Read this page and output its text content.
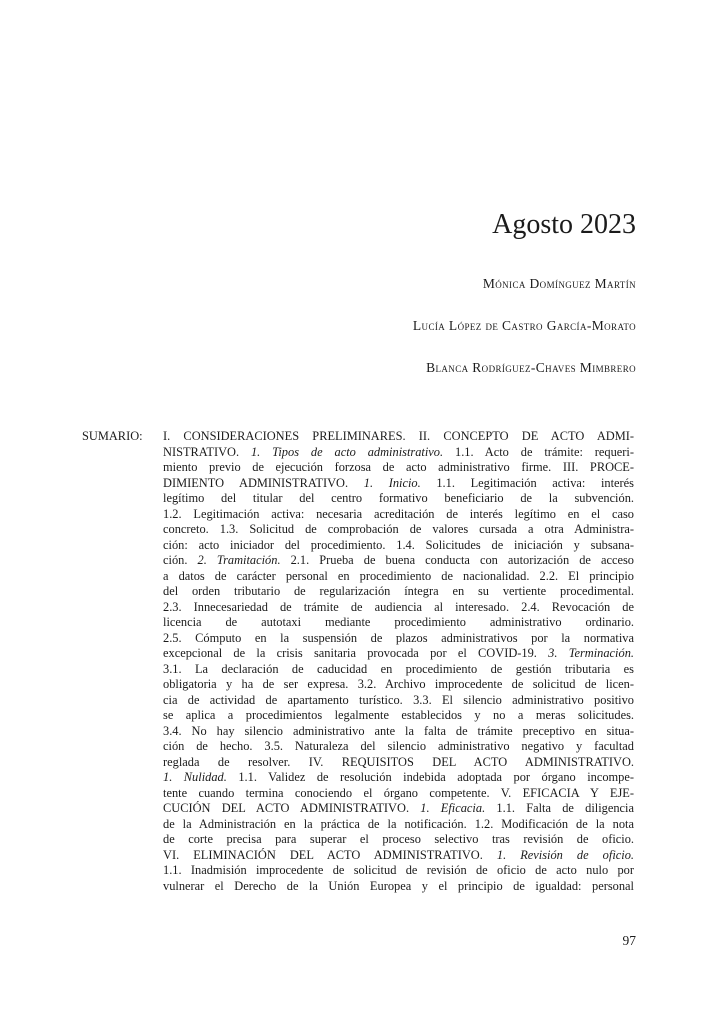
Agosto 2023
Mónica Domínguez Martín
Lucía López de Castro García-Morato
Blanca Rodríguez-Chaves Mimbrero
SUMARIO: I. CONSIDERACIONES PRELIMINARES. II. CONCEPTO DE ACTO ADMI-
NISTRATIVO. 1. Tipos de acto administrativo. 1.1. Acto de trámite: requeri-
miento previo de ejecución forzosa de acto administrativo firme. III. PROCE-
DIMIENTO ADMINISTRATIVO. 1. Inicio. 1.1. Legitimación activa: interés
legítimo del titular del centro formativo beneficiario de la subvención.
1.2. Legitimación activa: necesaria acreditación de interés legítimo en el caso
concreto. 1.3. Solicitud de comprobación de valores cursada a otra Administra-
ción: acto iniciador del procedimiento. 1.4. Solicitudes de iniciación y subsana-
ción. 2. Tramitación. 2.1. Prueba de buena conducta con autorización de acceso
a datos de carácter personal en procedimiento de nacionalidad. 2.2. El principio
del orden tributario de regularización íntegra en su vertiente procedimental.
2.3. Innecesariedad de trámite de audiencia al interesado. 2.4. Revocación de
licencia de autotaxi mediante procedimiento administrativo ordinario.
2.5. Cómputo en la suspensión de plazos administrativos por la normativa
excepcional de la crisis sanitaria provocada por el COVID-19. 3. Terminación.
3.1. La declaración de caducidad en procedimiento de gestión tributaria es
obligatoria y ha de ser expresa. 3.2. Archivo improcedente de solicitud de licen-
cia de actividad de apartamento turístico. 3.3. El silencio administrativo positivo
se aplica a procedimientos legalmente establecidos y no a meras solicitudes.
3.4. No hay silencio administrativo ante la falta de trámite preceptivo en situa-
ción de hecho. 3.5. Naturaleza del silencio administrativo negativo y facultad
reglada de resolver. IV. REQUISITOS DEL ACTO ADMINISTRATIVO.
1. Nulidad. 1.1. Validez de resolución indebida adoptada por órgano incompe-
tente cuando termina conociendo el órgano competente. V. EFICACIA Y EJE-
CUCIÓN DEL ACTO ADMINISTRATIVO. 1. Eficacia. 1.1. Falta de diligencia
de la Administración en la práctica de la notificación. 1.2. Modificación de la nota
de corte precisa para superar el proceso selectivo tras revisión de oficio.
VI. ELIMINACIÓN DEL ACTO ADMINISTRATIVO. 1. Revisión de oficio.
1.1. Inadmisión improcedente de solicitud de revisión de oficio de acto nulo por
vulnerar el Derecho de la Unión Europea y el principio de igualdad: personal
97
